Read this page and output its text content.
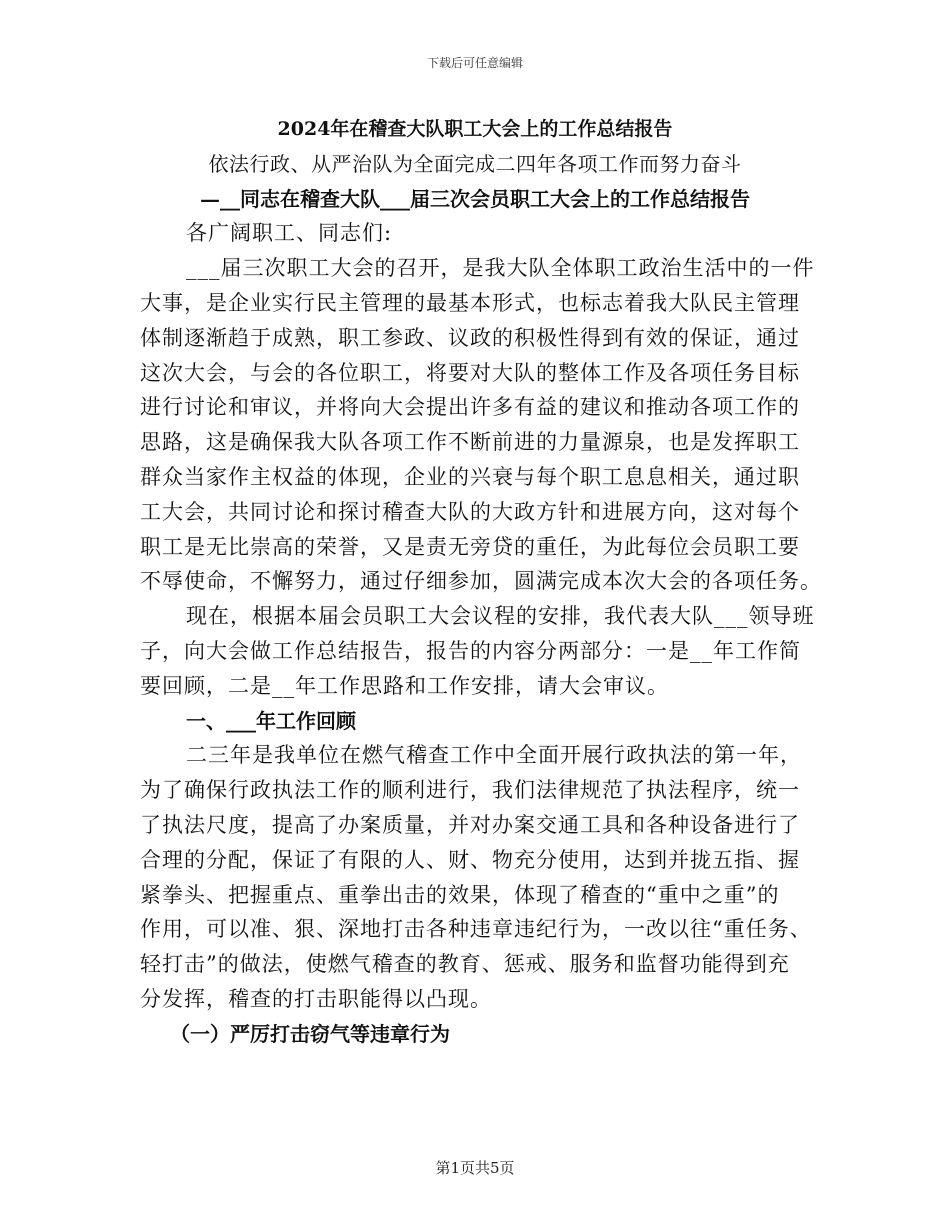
下载后可任意编辑
2024年在稽查大队职工大会上的工作总结报告
依法行政、从严治队为全面完成二四年各项工作而努力奋斗
—__同志在稽查大队___届三次会员职工大会上的工作总结报告
各广阔职工、同志们:
___届三次职工大会的召开，是我大队全体职工政治生活中的一件
大事，是企业实行民主管理的最基本形式，也标志着我大队民主管理
体制逐渐趋于成熟，职工参政、议政的积极性得到有效的保证，通过
这次大会，与会的各位职工，将要对大队的整体工作及各项任务目标
进行讨论和审议，并将向大会提出许多有益的建议和推动各项工作的
思路，这是确保我大队各项工作不断前进的力量源泉，也是发挥职工
群众当家作主权益的体现，企业的兴衰与每个职工息息相关，通过职
工大会，共同讨论和探讨稽查大队的大政方针和进展方向，这对每个
职工是无比崇高的荣誉，又是责无旁贷的重任，为此每位会员职工要
不辱使命，不懈努力，通过仔细参加，圆满完成本次大会的各项任务。
现在，根据本届会员职工大会议程的安排，我代表大队___领导班
子，向大会做工作总结报告，报告的内容分两部分：一是__年工作简
要回顾，二是__年工作思路和工作安排，请大会审议。
一、___年工作回顾
二三年是我单位在燃气稽查工作中全面开展行政执法的第一年，
为了确保行政执法工作的顺利进行，我们法律规范了执法程序，统一
了执法尺度，提高了办案质量，并对办案交通工具和各种设备进行了
合理的分配，保证了有限的人、财、物充分使用，达到并拢五指、握
紧拳头、把握重点、重拳出击的效果，体现了稽查的“重中之重”的
作用，可以准、狠、深地打击各种违章违纪行为，一改以往“重任务、
轻打击”的做法，使燃气稽查的教育、惩戒、服务和监督功能得到充
分发挥，稽查的打击职能得以凸现。
（一）严厉打击窃气等违章行为
第1页共5页
